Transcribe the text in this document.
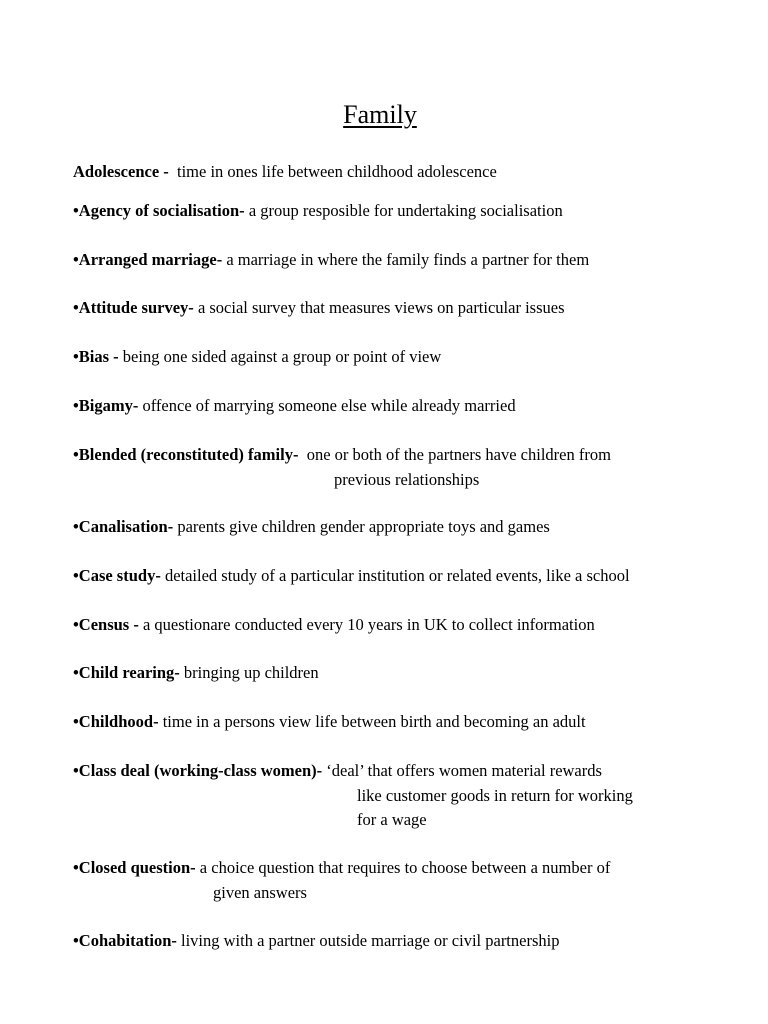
Family
Adolescence -  time in ones life between childhood adolescence
•Agency of socialisation- a group resposible for undertaking socialisation
•Arranged marriage- a marriage in where the family finds a partner for them
•Attitude survey- a social survey that measures views on particular issues
•Bias - being one sided against a group or point of view
•Bigamy- offence of marrying someone else while already married
•Blended (reconstituted) family-  one or both of the partners have children from
previous relationships
•Canalisation- parents give children gender appropriate toys and games
•Case study- detailed study of a particular institution or related events, like a school
•Census - a questionare conducted every 10 years in UK to collect information
•Child rearing- bringing up children
•Childhood- time in a persons view life between birth and becoming an adult
•Class deal (working-class women)- ‘deal’ that offers women material rewards
like customer goods in return for working
for a wage
•Closed question- a choice question that requires to choose between a number of
given answers
•Cohabitation- living with a partner outside marriage or civil partnership
